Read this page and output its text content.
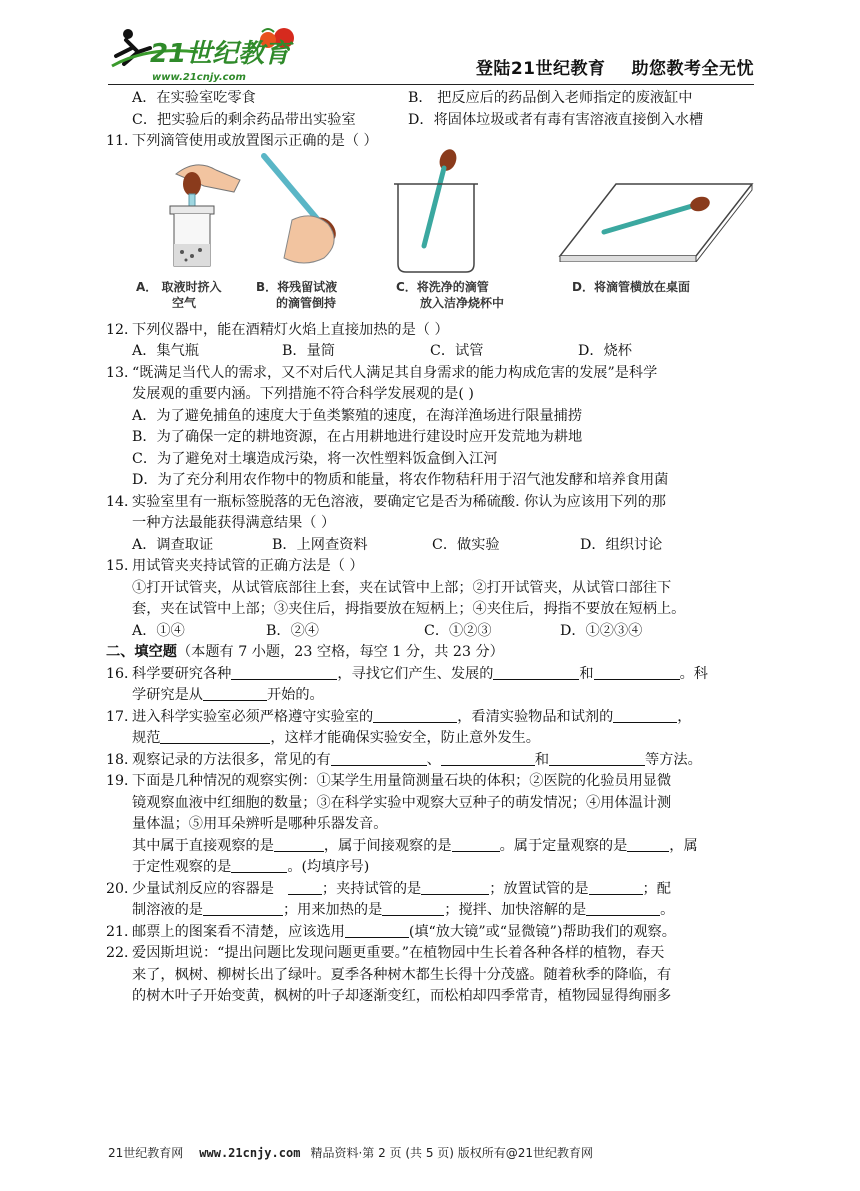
21世纪教育
www.21cnjy.com	登陆21世纪教育 助您教考全无忧
A．在实验室吃零食	B． 把反应后的药品倒入老师指定的废液缸中
C．把实验后的剩余药品带出实验室	D．将固体垃圾或者有毒有害溶液直接倒入水槽
11．下列滴管使用或放置图示正确的是（ ）
A． 取液时挤入
空气
B．将残留试液
的滴管倒持
C．将洗净的滴管
放入洁净烧杯中
D．将滴管横放在桌面
12．下列仪器中，能在酒精灯火焰上直接加热的是（ ）
A．集气瓶	B．量筒	C．试管	D．烧杯
13．“既满足当代人的需求，又不对后代人满足其自身需求的能力构成危害的发展”是科学
发展观的重要内涵。下列措施不符合科学发展观的是( )
A．为了避免捕鱼的速度大于鱼类繁殖的速度，在海洋渔场进行限量捕捞
B．为了确保一定的耕地资源，在占用耕地进行建设时应开发荒地为耕地
C．为了避免对土壤造成污染，将一次性塑料饭盒倒入江河
D．为了充分利用农作物中的物质和能量，将农作物秸秆用于沼气池发酵和培养食用菌
14．实验室里有一瓶标签脱落的无色溶液，要确定它是否为稀硫酸. 你认为应该用下列的那
一种方法最能获得满意结果（ ）
A．调查取证	B．上网查资料	C．做实验	D．组织讨论
15．用试管夹夹持试管的正确方法是（ ）
①打开试管夹，从试管底部往上套，夹在试管中上部；②打开试管夹，从试管口部往下
套，夹在试管中上部；③夹住后，拇指要放在短柄上；④夹住后，拇指不要放在短柄上。
A．①④	B．②④	C．①②③	D．①②③④
二、填空题（本题有 7 小题，23 空格，每空 1 分，共 23 分）
16．科学要研究各种	，寻找它们产生、发展的	和	。科
学研究是从	开始的。
17．进入科学实验室必须严格遵守实验室的	，看清实验物品和试剂的	，
规范	，这样才能确保实验安全，防止意外发生。
18．观察记录的方法很多，常见的有	、	和	等方法。
19．下面是几种情况的观察实例：①某学生用量筒测量石块的体积；②医院的化验员用显微
镜观察血液中红细胞的数量；③在科学实验中观察大豆种子的萌发情况；④用体温计测
量体温；⑤用耳朵辨听是哪种乐器发音。
其中属于直接观察的是	，属于间接观察的是	。属于定量观察的是	，属
于定性观察的是	。(均填序号)
20．少量试剂反应的容器是	；夹持试管的是	；放置试管的是	；配
制溶液的是	；用来加热的是	；搅拌、加快溶解的是	。
21．邮票上的图案看不清楚，应该选用	(填“放大镜”或“显微镜”)帮助我们的观察。
22．爱因斯坦说：“提出问题比发现问题更重要。”在植物园中生长着各种各样的植物，春天
来了，枫树、柳树长出了绿叶。夏季各种树木都生长得十分茂盛。随着秋季的降临，有
的树木叶子开始变黄，枫树的叶子却逐渐变红，而松柏却四季常青，植物园显得绚丽多
21世纪教育网 www.21cnjy.com 精品资料·第 2 页 (共 5 页) 版权所有@21世纪教育网
